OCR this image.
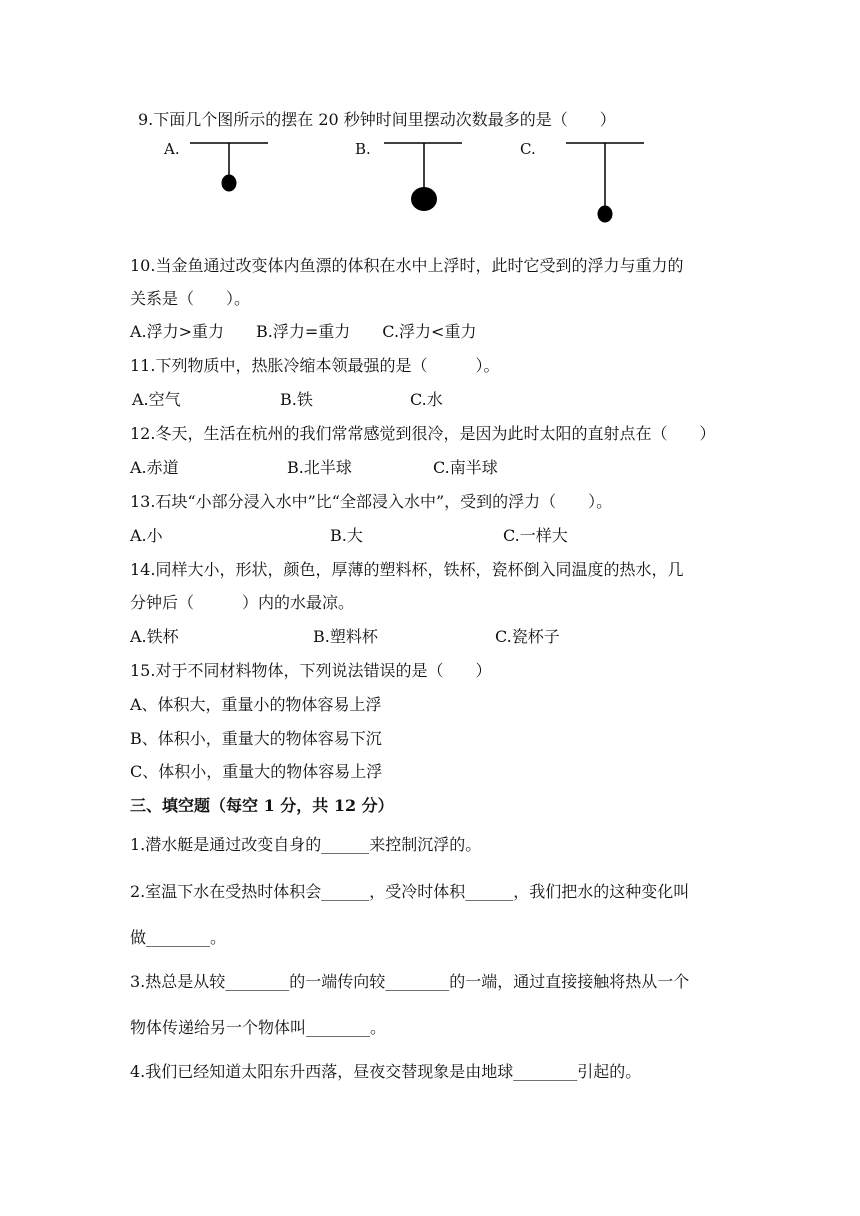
9.下面几个图所示的摆在 20 秒钟时间里摆动次数最多的是（　　）
A.	B.	C.
10.当金鱼通过改变体内鱼漂的体积在水中上浮时，此时它受到的浮力与重力的
关系是（　　）。
A.浮力>重力　　B.浮力=重力　　C.浮力<重力
11.下列物质中，热胀冷缩本领最强的是（　　　）。
A.空气	B.铁	C.水
12.冬天，生活在杭州的我们常常感觉到很冷，是因为此时太阳的直射点在（　　）
A.赤道	B.北半球	C.南半球
13.石块“小部分浸入水中”比“全部浸入水中”，受到的浮力（　　）。
A.小	B.大	C.一样大
14.同样大小，形状，颜色，厚薄的塑料杯，铁杯，瓷杯倒入同温度的热水，几
分钟后（　　　）内的水最凉。
A.铁杯	B.塑料杯	C.瓷杯子
15.对于不同材料物体，下列说法错误的是（　　）
A、体积大，重量小的物体容易上浮
B、体积小，重量大的物体容易下沉
C、体积小，重量大的物体容易上浮
三、填空题（每空 1 分，共 12 分）
1.潜水艇是通过改变自身的______来控制沉浮的。
2.室温下水在受热时体积会______，受冷时体积______，我们把水的这种变化叫
做________。
3.热总是从较________的一端传向较________的一端，通过直接接触将热从一个
物体传递给另一个物体叫________。
4.我们已经知道太阳东升西落，昼夜交替现象是由地球________引起的。
